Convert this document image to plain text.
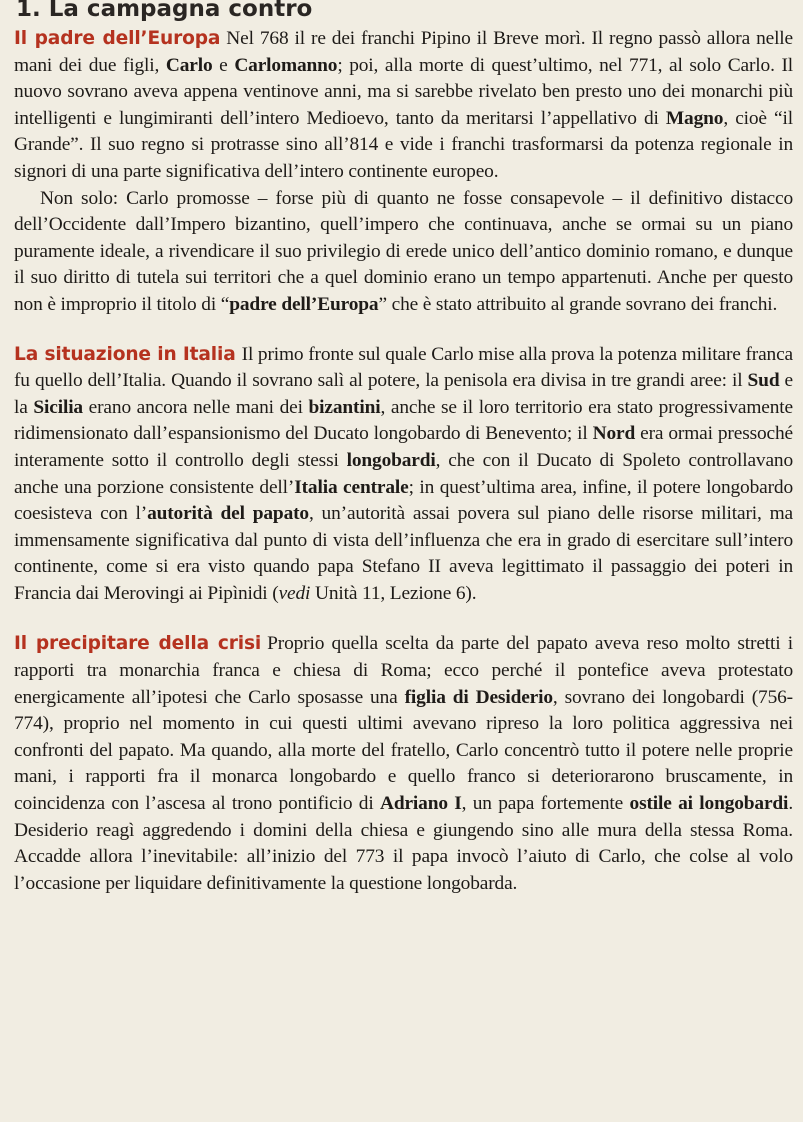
1. La campagna contro

Il padre dell’Europa Nel 768 il re dei franchi Pipino il Breve morì. Il regno passò allora nelle mani dei due figli, Carlo e Carlomanno; poi, alla morte di quest’ultimo, nel 771, al solo Carlo. Il nuovo sovrano aveva appena ventinove anni, ma si sarebbe rivelato ben presto uno dei monarchi più intelligenti e lungimiranti dell’intero Medioevo, tanto da meritarsi l’appellativo di Magno, cioè “il Grande”. Il suo regno si protrasse sino all’814 e vide i franchi trasformarsi da potenza regionale in signori di una parte significativa dell’intero continente europeo.

Non solo: Carlo promosse – forse più di quanto ne fosse consapevole – il definitivo distacco dell’Occidente dall’Impero bizantino, quell’impero che continuava, anche se ormai su un piano puramente ideale, a rivendicare il suo privilegio di erede unico dell’antico dominio romano, e dunque il suo diritto di tutela sui territori che a quel dominio erano un tempo appartenuti. Anche per questo non è improprio il titolo di “padre dell’Europa” che è stato attribuito al grande sovrano dei franchi.

La situazione in Italia Il primo fronte sul quale Carlo mise alla prova la potenza militare franca fu quello dell’Italia. Quando il sovrano salì al potere, la penisola era divisa in tre grandi aree: il Sud e la Sicilia erano ancora nelle mani dei bizantini, anche se il loro territorio era stato progressivamente ridimensionato dall’espansionismo del Ducato longobardo di Benevento; il Nord era ormai pressoché interamente sotto il controllo degli stessi longobardi, che con il Ducato di Spoleto controllavano anche una porzione consistente dell’Italia centrale; in quest’ultima area, infine, il potere longobardo coesisteva con l’autorità del papato, un’autorità assai povera sul piano delle risorse militari, ma immensamente significativa dal punto di vista dell’influenza che era in grado di esercitare sull’intero continente, come si era visto quando papa Stefano II aveva legittimato il passaggio dei poteri in Francia dai Merovingi ai Pipìnidi (vedi Unità 11, Lezione 6).

Il precipitare della crisi Proprio quella scelta da parte del papato aveva reso molto stretti i rapporti tra monarchia franca e chiesa di Roma; ecco perché il pontefice aveva protestato energicamente all’ipotesi che Carlo sposasse una figlia di Desiderio, sovrano dei longobardi (756-774), proprio nel momento in cui questi ultimi avevano ripreso la loro politica aggressiva nei confronti del papato. Ma quando, alla morte del fratello, Carlo concentrò tutto il potere nelle proprie mani, i rapporti fra il monarca longobardo e quello franco si deteriorarono bruscamente, in coincidenza con l’ascesa al trono pontificio di Adriano I, un papa fortemente ostile ai longobardi. Desiderio reagì aggredendo i domini della chiesa e giungendo sino alle mura della stessa Roma. Accadde allora l’inevitabile: all’inizio del 773 il papa invocò l’aiuto di Carlo, che colse al volo l’occasione per liquidare definitivamente la questione longobarda.
